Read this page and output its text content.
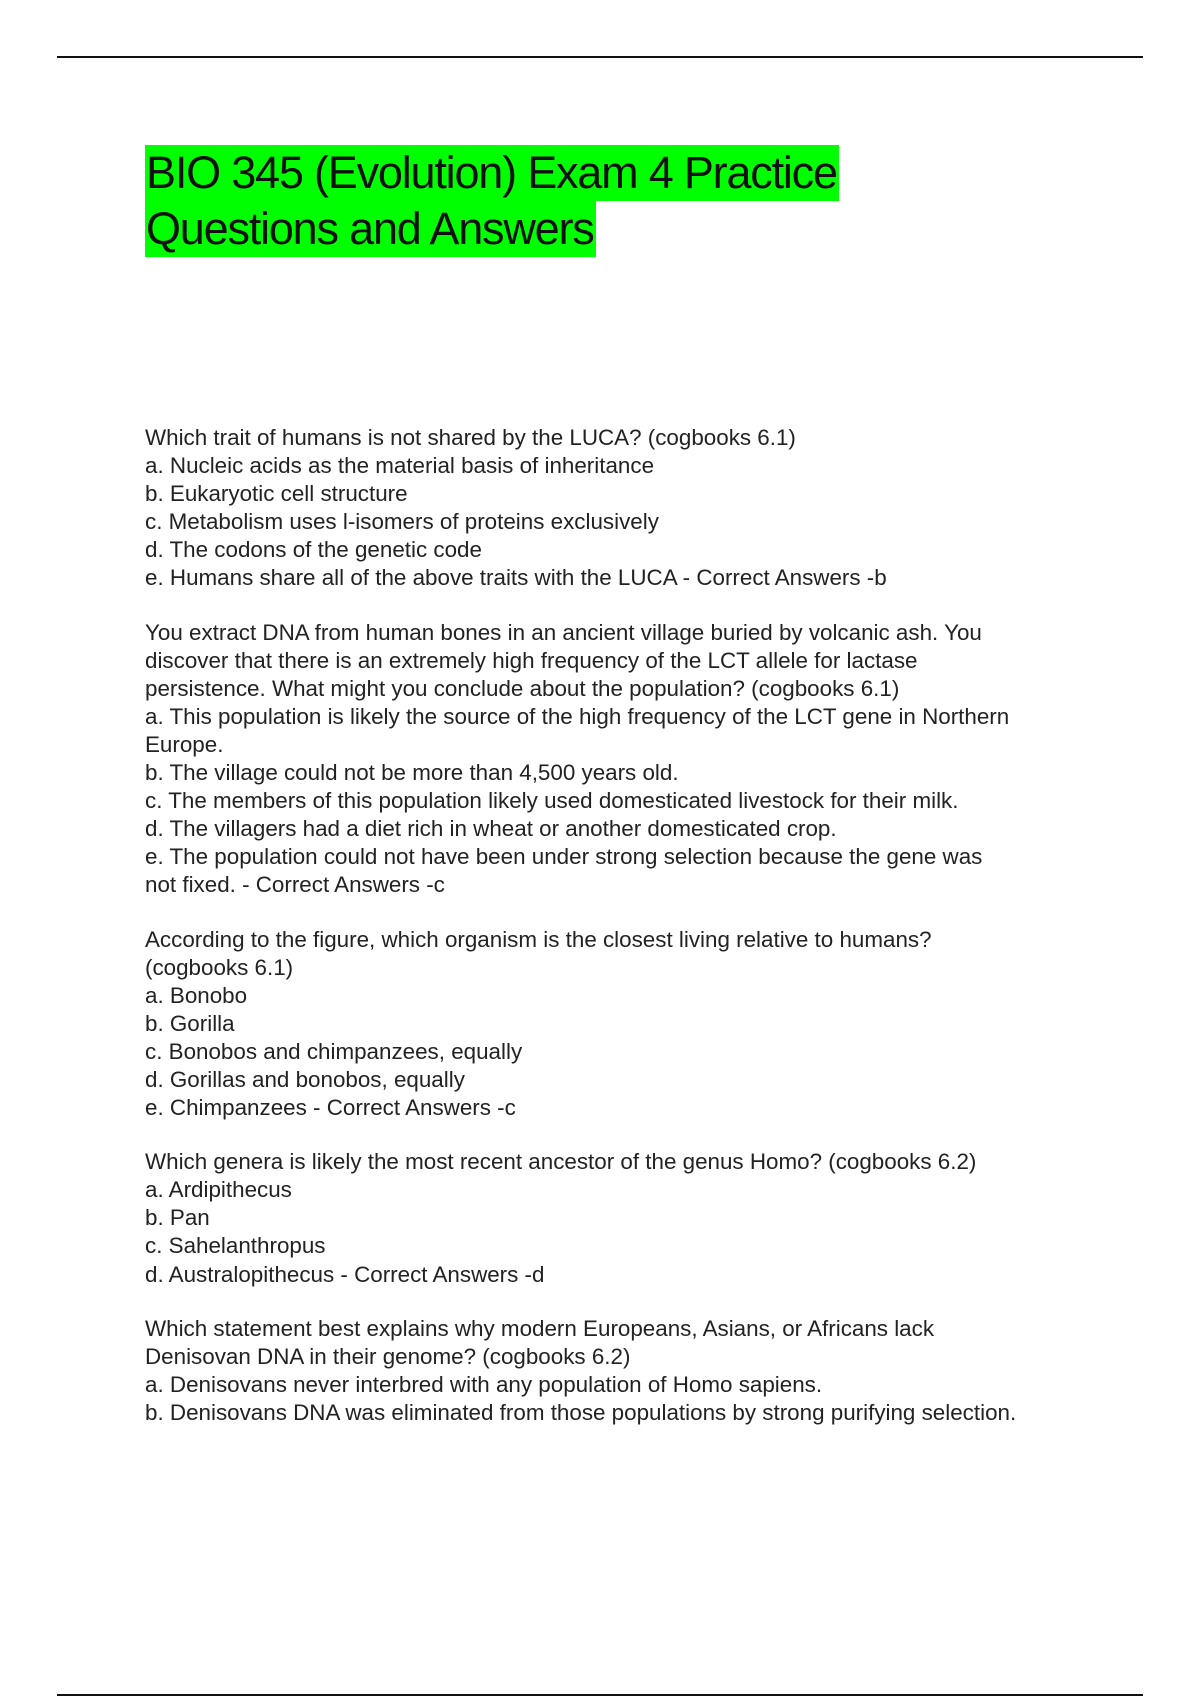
BIO 345 (Evolution) Exam 4 Practice
Questions and Answers
Which trait of humans is not shared by the LUCA? (cogbooks 6.1)
a. Nucleic acids as the material basis of inheritance
b. Eukaryotic cell structure
c. Metabolism uses l-isomers of proteins exclusively
d. The codons of the genetic code
e. Humans share all of the above traits with the LUCA - Correct Answers -b
You extract DNA from human bones in an ancient village buried by volcanic ash. You
discover that there is an extremely high frequency of the LCT allele for lactase
persistence. What might you conclude about the population? (cogbooks 6.1)
a. This population is likely the source of the high frequency of the LCT gene in Northern
Europe.
b. The village could not be more than 4,500 years old.
c. The members of this population likely used domesticated livestock for their milk.
d. The villagers had a diet rich in wheat or another domesticated crop.
e. The population could not have been under strong selection because the gene was
not fixed. - Correct Answers -c
According to the figure, which organism is the closest living relative to humans?
(cogbooks 6.1)
a. Bonobo
b. Gorilla
c. Bonobos and chimpanzees, equally
d. Gorillas and bonobos, equally
e. Chimpanzees - Correct Answers -c
Which genera is likely the most recent ancestor of the genus Homo? (cogbooks 6.2)
a. Ardipithecus
b. Pan
c. Sahelanthropus
d. Australopithecus - Correct Answers -d
Which statement best explains why modern Europeans, Asians, or Africans lack
Denisovan DNA in their genome? (cogbooks 6.2)
a. Denisovans never interbred with any population of Homo sapiens.
b. Denisovans DNA was eliminated from those populations by strong purifying selection.
